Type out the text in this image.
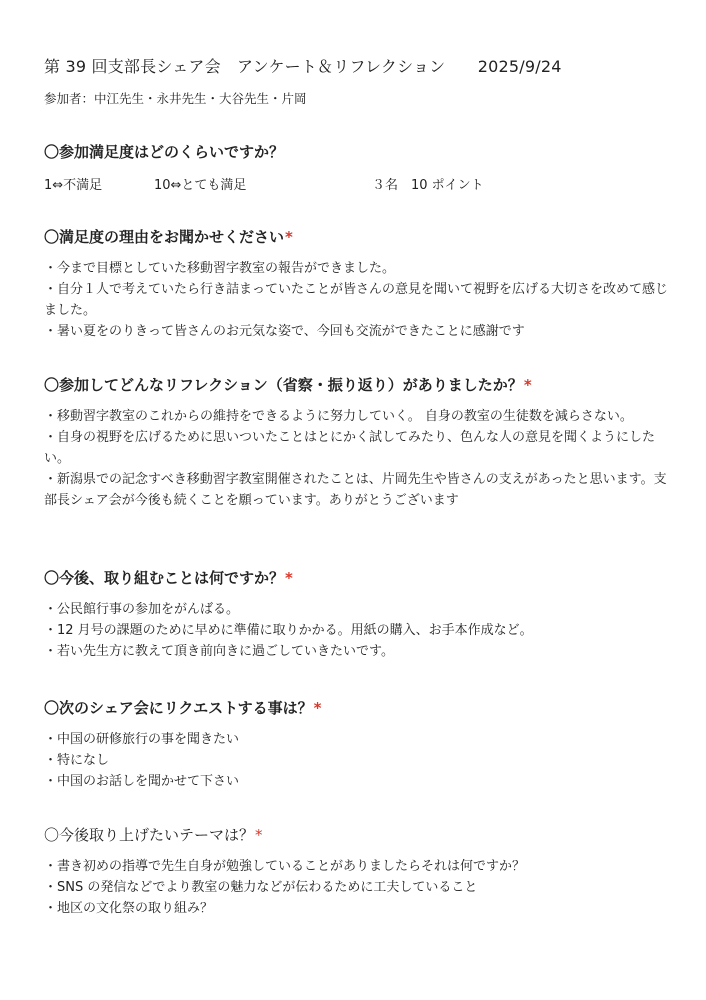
第 39 回支部長シェア会　アンケート＆リフレクション　　2025/9/24
参加者：中江先生・永井先生・大谷先生・片岡
〇参加満足度はどのくらいですか？
1⇔不満足	10⇔とても満足	３名　10 ポイント
〇満足度の理由をお聞かせください*

・今まで目標としていた移動習字教室の報告ができました。

・自分１人で考えていたら行き詰まっていたことが皆さんの意見を聞いて視野を広げる大切さを改めて感じました。

・暑い夏をのりきって皆さんのお元気な姿で、今回も交流ができたことに感謝です

〇参加してどんなリフレクション（省察・振り返り）がありましたか？*

・移動習字教室のこれからの維持をできるように努力していく。 自身の教室の生徒数を減らさない。

・自身の視野を広げるために思いついたことはとにかく試してみたり、色んな人の意見を聞くようにしたい。

・新潟県での記念すべき移動習字教室開催されたことは、片岡先生や皆さんの支えがあったと思います。支部長シェア会が今後も続くことを願っています。ありがとうございます

〇今後、取り組むことは何ですか？*

・公民館行事の参加をがんばる。

・12 月号の課題のために早めに準備に取りかかる。用紙の購入、お手本作成など。

・若い先生方に教えて頂き前向きに過ごしていきたいです。

〇次のシェア会にリクエストする事は？*

・中国の研修旅行の事を聞きたい

・特になし

・中国のお話しを聞かせて下さい

〇今後取り上げたいテーマは？*

・書き初めの指導で先生自身が勉強していることがありましたらそれは何ですか？

・SNS の発信などでより教室の魅力などが伝わるために工夫していること

・地区の文化祭の取り組み？
